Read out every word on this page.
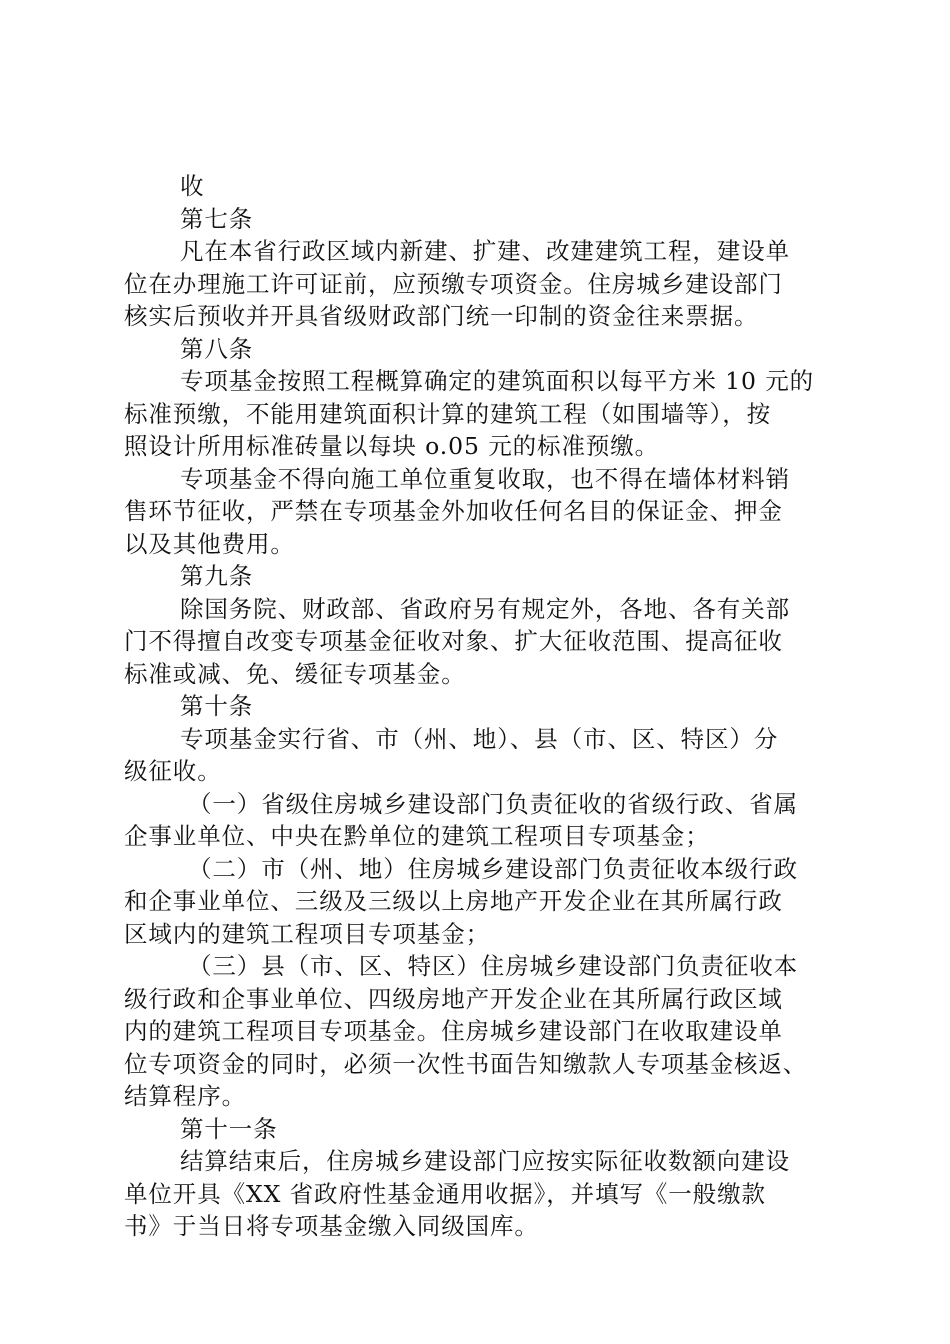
收
第七条
凡在本省行政区域内新建、扩建、改建建筑工程，建设单
位在办理施工许可证前，应预缴专项资金。住房城乡建设部门
核实后预收并开具省级财政部门统一印制的资金往来票据。
第八条
专项基金按照工程概算确定的建筑面积以每平方米 10 元的
标准预缴，不能用建筑面积计算的建筑工程（如围墙等），按
照设计所用标准砖量以每块 o.05 元的标准预缴。
专项基金不得向施工单位重复收取，也不得在墙体材料销
售环节征收，严禁在专项基金外加收任何名目的保证金、押金
以及其他费用。
第九条
除国务院、财政部、省政府另有规定外，各地、各有关部
门不得擅自改变专项基金征收对象、扩大征收范围、提高征收
标准或减、免、缓征专项基金。
第十条
专项基金实行省、市（州、地）、县（市、区、特区）分
级征收。
（一）省级住房城乡建设部门负责征收的省级行政、省属
企事业单位、中央在黔单位的建筑工程项目专项基金；
（二）市（州、地）住房城乡建设部门负责征收本级行政
和企事业单位、三级及三级以上房地产开发企业在其所属行政
区域内的建筑工程项目专项基金；
（三）县（市、区、特区）住房城乡建设部门负责征收本
级行政和企事业单位、四级房地产开发企业在其所属行政区域
内的建筑工程项目专项基金。住房城乡建设部门在收取建设单
位专项资金的同时，必须一次性书面告知缴款人专项基金核返、
结算程序。
第十一条
结算结束后，住房城乡建设部门应按实际征收数额向建设
单位开具《XX 省政府性基金通用收据》，并填写《一般缴款
书》于当日将专项基金缴入同级国库。
